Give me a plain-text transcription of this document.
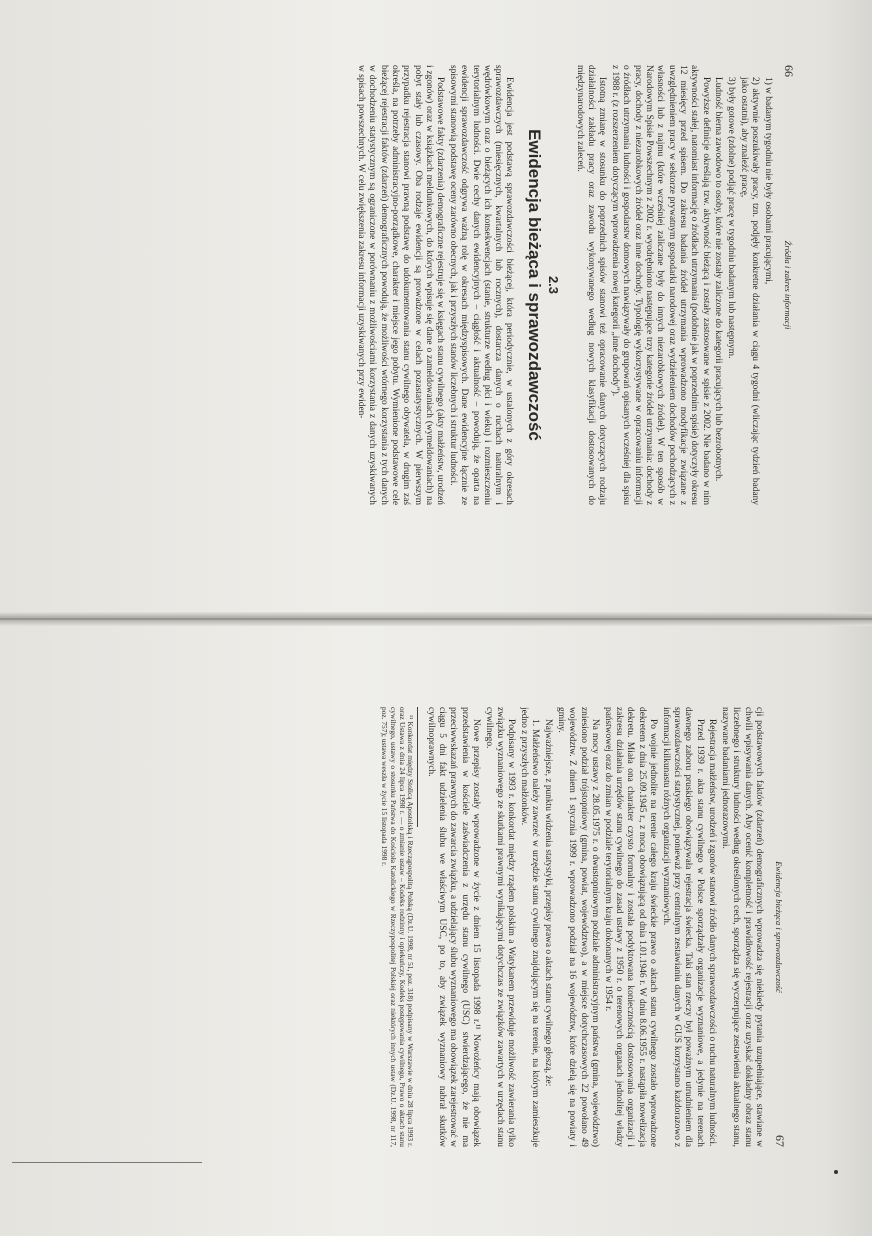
66
Źródła i zakres informacji

1) w badanym tygodniu nie były osobami pracującymi,

2) aktywnie poszukiwały pracy, tzn. podjęły konkretne działania w ciągu 4 tygodni (wliczając tydzień badany jako ostatni), aby znaleźć pracę,

3) były gotowe (zdolne) podjąć pracę w tygodniu badanym lub następnym.

Ludność bierna zawodowo to osoby, które nie zostały zaliczone do kategorii pracujących lub bezrobotnych.

Powyższe definicje określają tzw. aktywność bieżącą i zostały zastosowane w spisie z 2002. Nie badano w nim aktywności stałej, natomiast informację o źródłach utrzymania (podobnie jak w poprzednim spisie) dotyczyły okresu 12 miesięcy przed spisem. Do zakresu badania źródeł utrzymania wprowadzono modyfikacje związane z uwzględnieniem pracy w sektorze prywatnym gospodarki narodowej oraz wydzieleniem dochodów pochodzących z własności lub z najmu (które wcześniej zaliczane były do innych niezarobkowych źródeł). W ten sposób w Narodowym Spisie Powszechnym z 2002 r. wyodrębniono następujące trzy kategorie źródeł utrzymania: dochody z pracy, dochody z niezarobkowych źródeł oraz inne dochody. Typologię wykorzystywane w opracowaniu informacji o źródłach utrzymania ludności i gospodarstw domowych nawiązywały do grupowań opisanych wcześniej dla spisu z 1988 r. (z rozszerzeniem dotyczącym wprowadzenia nowej kategorii „inne dochody”).

Istotną zmianę w stosunku do poprzednich spisów stanowi też opracowanie danych dotyczących rodzaju działalności zakładu pracy oraz zawodu wykonywanego według nowych klasyfikacji dostosowanych do międzynarodowych zaleceń.

2.3
Ewidencja bieżąca i sprawozdawczość

Ewidencja jest podstawą sprawozdawczości bieżącej, która periodycznie, w ustalonych z góry okresach sprawozdawczych (miesięcznych, kwartalnych lub rocznych), dostarcza danych o ruchach naturalnym i wędrówkowym oraz o bieżących ich konsekwencjach (stanie, strukturze według płci i wieku) i rozmieszczeniu terytorialnym ludności. Dwie cechy danych ewidencyjnych – ciągłość i aktualność – powodują, że oparta na ewidencji sprawozdawczość odgrywa ważną rolę w okresach międzyspisowych. Dane ewidencyjne łącznie ze spisowymi stanowią podstawę oceny zarówno obecnych, jak i przyszłych stanów liczebnych i struktur ludności.

Podstawowe fakty (zdarzenia) demograficzne rejestruje się w księgach stanu cywilnego (akty małżeństw, urodzeń i zgonów) oraz w książkach meldunkowych, do których wpisuje się dane o zameldowaniach (wymeldowaniach) na pobyt stały lub czasowy. Oba rodzaje ewidencji są prowadzone w celach pozastatystycznych. W pierwszym przypadku rejestracja stanowi prawną podstawę do udokumentowania stanu cywilnego obywatela, w drugim zaś określa, na potrzeby administracyjno-porządkowe, charakter i miejsce jego pobytu. Wymienione podstawowe cele bieżącej rejestracji faktów (zdarzeń) demograficznych powodują, że możliwości wtórnego korzystania z tych danych w dochodzeniu statystycznym są ograniczone w porównaniu z możliwościami korzystania z danych uzyskiwanych w spisach powszechnych. W celu zwiększenia zakresu informacji uzyskiwanych przy ewiden-

Ewidencja bieżąca i sprawozdawczość
67

cji podstawowych faktów (zdarzeń) demograficznych wprowadza się niekiedy pytania uzupełniające, stawiane w chwili wpisywania danych. Aby ocenić kompletność i prawidłowość rejestracji oraz uzyskać dokładny obraz stanu liczebnego i struktury ludności według określonych cech, sporządza się wyczerpujące zestawienia aktualnego stanu, nazywane badaniami jednorazowymi.

Rejestracja małżeństw, urodzeń i zgonów stanowi źródło danych sprawozdawczości o ruchu naturalnym ludności.

Przed 1939 r. akta stanu cywilnego w Polsce sporządzały organizacje wyznaniowe, a jedynie na terenach dawnego zaboru pruskiego obowiązywała rejestracja świecka. Taki stan rzeczy był poważnym utrudnieniem dla sprawozdawczości statystycznej, ponieważ przy centralnym zestawianiu danych w GUS korzystano każdorazowo z informacji kilkunastu różnych organizacji wyznaniowych.

Po wojnie jednolite na terenie całego kraju świeckie prawo o aktach stanu cywilnego zostało wprowadzone dekretem z dnia 25.09.1945 r., z mocą obowiązującą od dnia 1.01.1946 r. W dniu 8.06.1955 r. nastąpiła nowelizacja dekretu. Miała ona charakter czysto formalny i została podyktowana koniecznością dostosowania organizacji i zakresu działania urzędów stanu cywilnego do zasad ustawy z 1950 r. o terenowych organach jednolitej władzy państwowej oraz do zmian w podziale terytorialnym kraju dokonanych w 1954 r.

Na mocy ustawy z 28.05.1975 r. o dwustopniowym podziale administracyjnym państwa (gmina, województwo) zniesiono podział trójstopniowy (gmina, powiat, województwo), a w miejsce dotychczasowych 22 powołano 49 województw. Z dniem 1 stycznia 1999 r. wprowadzono podział na 16 województw, które dzielą się na powiaty i gminy.

Najważniejsze, z punktu widzenia statystyki, przepisy prawa o aktach stanu cywilnego głoszą, że:

1. Małżeństwo należy zawrzeć w urzędzie stanu cywilnego znajdującym się na terenie, na którym zamieszkuje jedno z przyszłych małżonków.

Podpisany w 1993 r. konkordat między rządem polskim a Watykanem przewiduje możliwość zawierania tylko związku wyznaniowego ze skutkami prawnymi wynikającymi dotychczas ze związków zawartych w urzędach stanu cywilnego.

Nowe przepisy zostały wprowadzone w życie z dniem 15 listopada 1998 r.¹¹ Nowożeńcy mają obowiązek przedstawienia w kościele zaświadczenia z urzędu stanu cywilnego (USC) stwierdzającego, że nie ma przeciwwskazań prawnych do zawarcia związku, a udzielający ślubu wyznaniowego ma obowiązek zarejestrować w ciągu 5 dni fakt udzielenia ślubu we właściwym USC, po to, aby związek wyznaniowy nabrał skutków cywilnoprawnych.

¹¹ Konkordat między Stolicą Apostolską i Rzecząpospolitą Polską (Dz.U. 1998, nr 51, poz. 318) podpisany w Warszawie w dniu 28 lipca 1993 r. oraz Ustawa z dnia 24 lipca 1998 r. — o zmianie ustaw – Kodeks rodzinny i opiekuńczy, Kodeks postępowania cywilnego, Prawo o aktach stanu cywilnego, ustawy o stosunku Państwa do Kościoła Katolickiego w Rzeczypospolitej Polskiej oraz niektórych innych ustaw (Dz.U. 1998, nr 117, poz. 757); ustawa weszła w życie 15 listopada 1998 r.
